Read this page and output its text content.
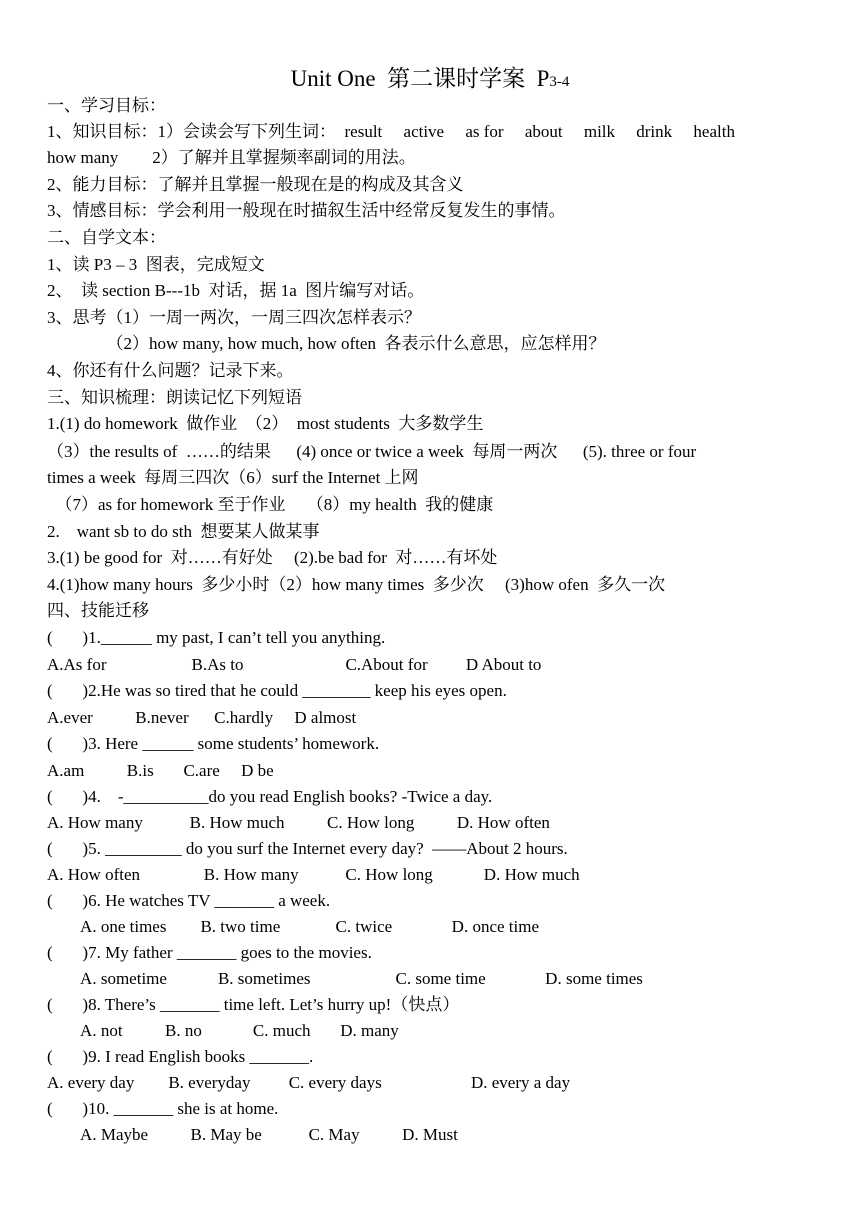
Unit One  第二课时学案  P3-4
一、学习目标：
1、知识目标：1）会读会写下列生词：  result     active     as for     about     milk     drink     health
how many        2）了解并且掌握频率副词的用法。
2、能力目标：了解并且掌握一般现在是的构成及其含义
3、情感目标：学会利用一般现在时描叙生活中经常反复发生的事情。
二、自学文本：
1、读 P3 – 3  图表，完成短文
2、  读 section B---1b  对话，据 1a  图片编写对话。
3、思考（1）一周一两次，一周三四次怎样表示？
（2）how many, how much, how often  各表示什么意思，应怎样用？
4、你还有什么问题？记录下来。
三、知识梳理：朗读记忆下列短语
1.(1) do homework  做作业  （2）  most students  大多数学生
（3）the results of  ……的结果      (4) once or twice a week  每周一两次      (5). three or four
times a week  每周三四次（6）surf the Internet 上网
（7）as for homework 至于作业     （8）my health  我的健康
2.    want sb to do sth  想要某人做某事
3.(1) be good for  对……有好处     (2).be bad for  对……有坏处
4.(1)how many hours  多少小时（2）how many times  多少次     (3)how ofen  多久一次
四、技能迁移
(       )1.______ my past, I can’t tell you anything.
A.As for                    B.As to                        C.About for         D About to
(       )2.He was so tired that he could ________ keep his eyes open.
A.ever          B.never      C.hardly     D almost
(       )3. Here ______ some students’ homework.
A.am          B.is       C.are     D be
(       )4.    -__________do you read English books? -Twice a day.
A. How many           B. How much          C. How long          D. How often
(       )5. _________ do you surf the Internet every day?  ——About 2 hours.
A. How often               B. How many           C. How long            D. How much
(       )6. He watches TV _______ a week.
A. one times        B. two time             C. twice              D. once time
(       )7. My father _______ goes to the movies.
A. sometime            B. sometimes                    C. some time              D. some times
(       )8. There’s _______ time left. Let’s hurry up!（快点）
A. not          B. no            C. much       D. many
(       )9. I read English books _______.
A. every day        B. everyday         C. every days                     D. every a day
(       )10. _______ she is at home.
A. Maybe          B. May be           C. May          D. Must
